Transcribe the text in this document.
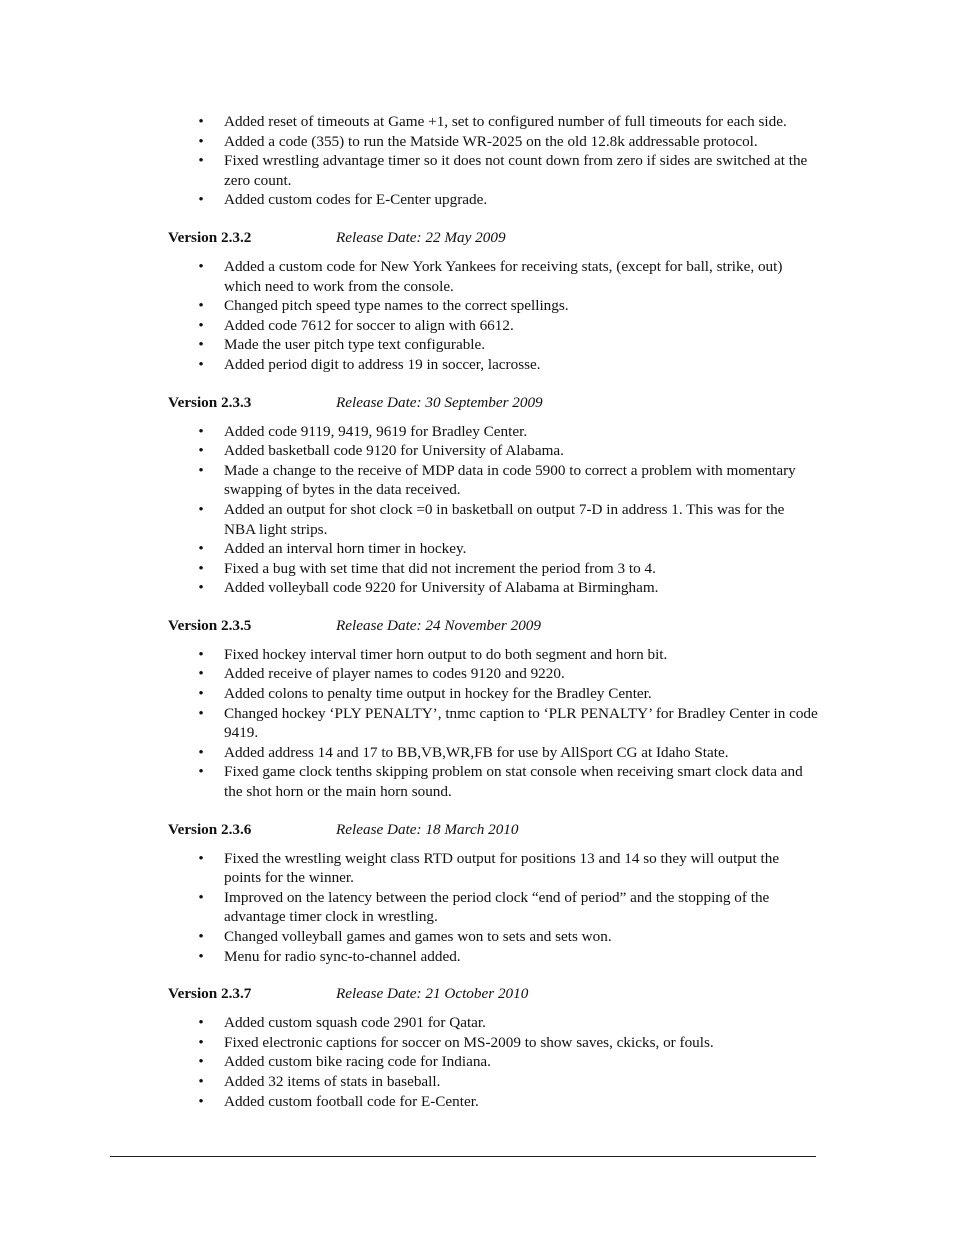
• Added reset of timeouts at Game +1, set to configured number of full timeouts for each side.
• Added a code (355) to run the Matside WR-2025 on the old 12.8k addressable protocol.
• Fixed wrestling advantage timer so it does not count down from zero if sides are switched at the zero count.
• Added custom codes for E-Center upgrade.
Version 2.3.2	Release Date: 22 May 2009
• Added a custom code for New York Yankees for receiving stats, (except for ball, strike, out) which need to work from the console.
• Changed pitch speed type names to the correct spellings.
• Added code 7612 for soccer to align with 6612.
• Made the user pitch type text configurable.
• Added period digit to address 19 in soccer, lacrosse.
Version 2.3.3	Release Date: 30 September 2009
• Added code 9119, 9419, 9619 for Bradley Center.
• Added basketball code 9120 for University of Alabama.
• Made a change to the receive of MDP data in code 5900 to correct a problem with momentary swapping of bytes in the data received.
• Added an output for shot clock =0 in basketball on output 7-D in address 1. This was for the NBA light strips.
• Added an interval horn timer in hockey.
• Fixed a bug with set time that did not increment the period from 3 to 4.
• Added volleyball code 9220 for University of Alabama at Birmingham.
Version 2.3.5	Release Date: 24 November 2009
• Fixed hockey interval timer horn output to do both segment and horn bit.
• Added receive of player names to codes 9120 and 9220.
• Added colons to penalty time output in hockey for the Bradley Center.
• Changed hockey ‘PLY PENALTY’, tnmc caption to ‘PLR PENALTY’ for Bradley Center in code 9419.
• Added address 14 and 17 to BB,VB,WR,FB for use by AllSport CG at Idaho State.
• Fixed game clock tenths skipping problem on stat console when receiving smart clock data and the shot horn or the main horn sound.
Version 2.3.6	Release Date: 18 March 2010
• Fixed the wrestling weight class RTD output for positions 13 and 14 so they will output the points for the winner.
• Improved on the latency between the period clock “end of period” and the stopping of the advantage timer clock in wrestling.
• Changed volleyball games and games won to sets and sets won.
• Menu for radio sync-to-channel added.
Version 2.3.7	Release Date: 21 October 2010
• Added custom squash code 2901 for Qatar.
• Fixed electronic captions for soccer on MS-2009 to show saves, ckicks, or fouls.
• Added custom bike racing code for Indiana.
• Added 32 items of stats in baseball.
• Added custom football code for E-Center.
